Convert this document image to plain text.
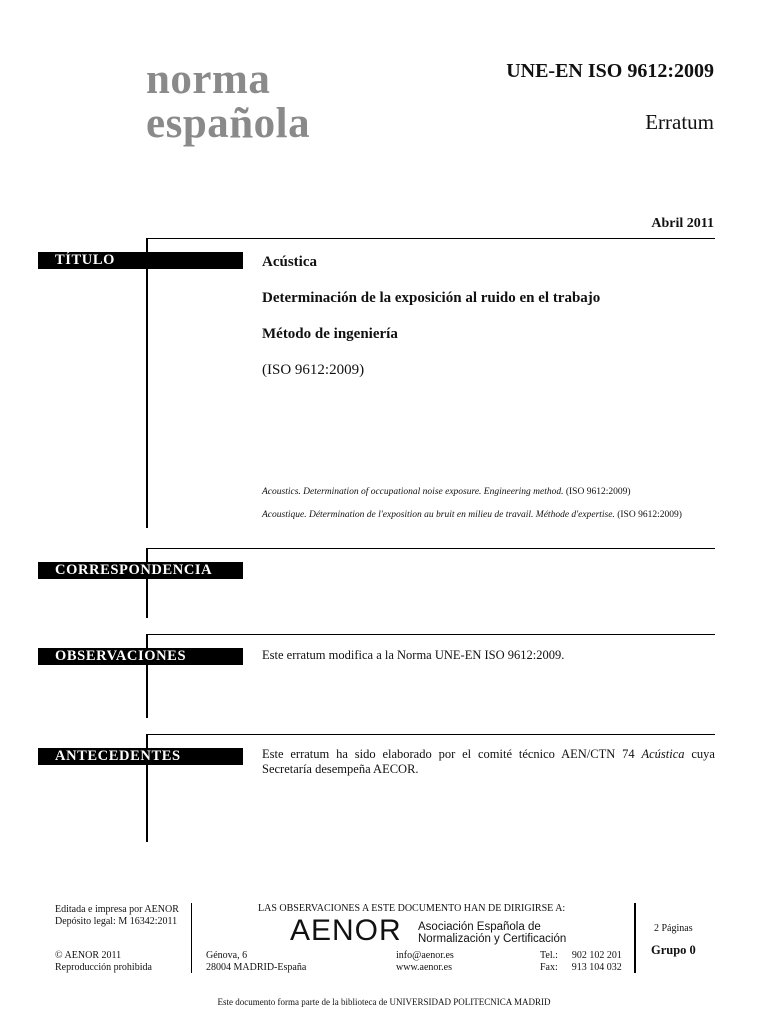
norma
española
UNE-EN ISO 9612:2009
Erratum
Abril 2011
TÍTULO	Acústica
Determinación de la exposición al ruido en el trabajo
Método de ingeniería
(ISO 9612:2009)
Acoustics. Determination of occupational noise exposure. Engineering method. (ISO 9612:2009)
Acoustique. Détermination de l'exposition au bruit en milieu de travail. Méthode d'expertise. (ISO 9612:2009)
CORRESPONDENCIA
OBSERVACIONES	Este erratum modifica a la Norma UNE-EN ISO 9612:2009.
ANTECEDENTES	Este erratum ha sido elaborado por el comité técnico AEN/CTN 74 Acústica cuya Secretaría desempeña AECOR.
Editada e impresa por AENOR
Depósito legal: M 16342:2011
© AENOR 2011
Reproducción prohibida
LAS OBSERVACIONES A ESTE DOCUMENTO HAN DE DIRIGIRSE A:
AENOR Asociación Española de
Normalización y Certificación
Génova, 6
28004 MADRID-España
info@aenor.es
www.aenor.es
Tel.: 902 102 201
Fax: 913 104 032
2 Páginas
Grupo 0
Este documento forma parte de la biblioteca de UNIVERSIDAD POLITECNICA MADRID
